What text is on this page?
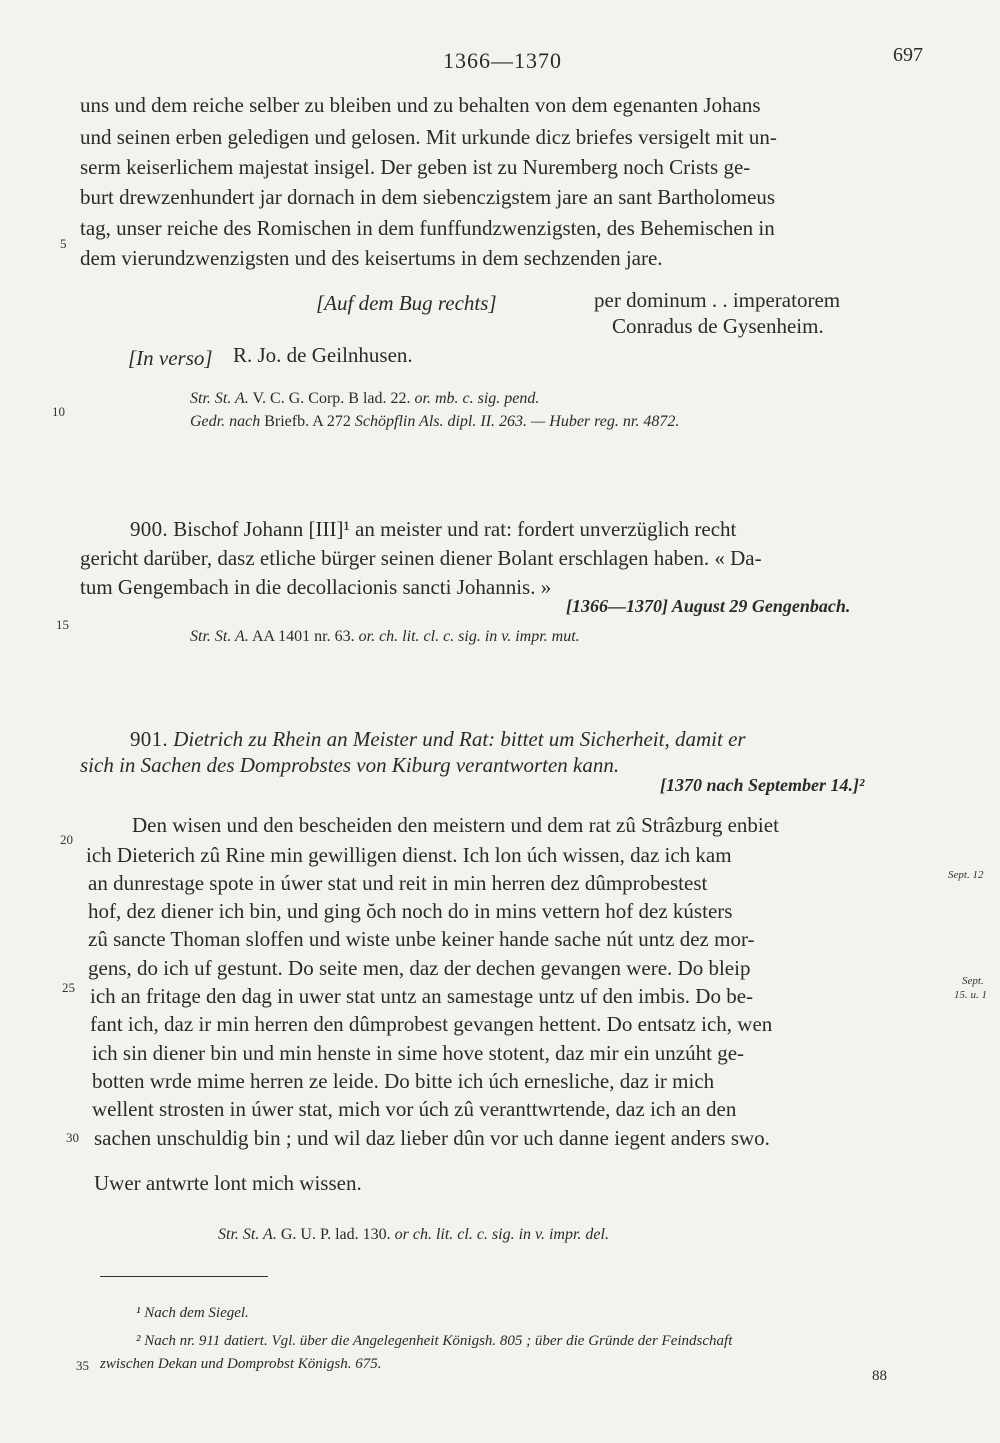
1366—1370	697
5
10
15
20
25
30
35
uns und dem reiche selber zu bleiben und zu behalten von dem egenanten Johans
und seinen erben geledigen und gelosen. Mit urkunde dicz briefes versigelt mit un-
serm keiserlichem majestat insigel. Der geben ist zu Nuremberg noch Crists ge-
burt drewzenhundert jar dornach in dem siebenczigstem jare an sant Bartholomeus
tag, unser reiche des Romischen in dem funffundzwenzigsten, des Behemischen in
dem vierundzwenzigsten und des keisertums in dem sechzenden jare.
[Auf dem Bug rechts]	per dominum . . imperatorem
Conradus de Gysenheim.
[In verso] R. Jo. de Geilnhusen.
Str. St. A. V. C. G. Corp. B lad. 22. or. mb. c. sig. pend.
Gedr. nach Briefb. A 272 Schöpflin Als. dipl. II. 263. — Huber reg. nr. 4872.
900. Bischof Johann [III]¹ an meister und rat: fordert unverzüglich recht
gericht darüber, dasz etliche bürger seinen diener Bolant erschlagen haben. « Da-
tum Gengembach in die decollacionis sancti Johannis. »
[1366—1370] August 29 Gengenbach.
Str. St. A. AA 1401 nr. 63. or. ch. lit. cl. c. sig. in v. impr. mut.
901. Dietrich zu Rhein an Meister und Rat: bittet um Sicherheit, damit er
sich in Sachen des Domprobstes von Kiburg verantworten kann.
[1370 nach September 14.]²
Den wisen und den bescheiden den meistern und dem rat zû Strâzburg enbiet
ich Dieterich zû Rine min gewilligen dienst. Ich lon úch wissen, daz ich kam
an dunrestage spote in úwer stat und reit in min herren dez dûmprobestest
hof, dez diener ich bin, und ging ŏch noch do in mins vettern hof dez kústers
zû sancte Thoman sloffen und wiste unbe keiner hande sache nút untz dez mor-
gens, do ich uf gestunt. Do seite men, daz der dechen gevangen were. Do bleip
ich an fritage den dag in uwer stat untz an samestage untz uf den imbis. Do be-
fant ich, daz ir min herren den dûmprobest gevangen hettent. Do entsatz ich, wen
ich sin diener bin und min henste in sime hove stotent, daz mir ein unzúht ge-
botten wrde mime herren ze leide. Do bitte ich úch ernesliche, daz ir mich
wellent strosten in úwer stat, mich vor úch zû veranttwrtende, daz ich an den
sachen unschuldig bin ; und wil daz lieber dûn vor uch danne iegent anders swo.
Uwer antwrte lont mich wissen.
Sept. 12
Sept.
15. u. 1
Str. St. A. G. U. P. lad. 130. or ch. lit. cl. c. sig. in v. impr. del.
¹ Nach dem Siegel.
² Nach nr. 911 datiert. Vgl. über die Angelegenheit Königsh. 805 ; über die Gründe der Feindschaft
zwischen Dekan und Domprobst Königsh. 675.
88
